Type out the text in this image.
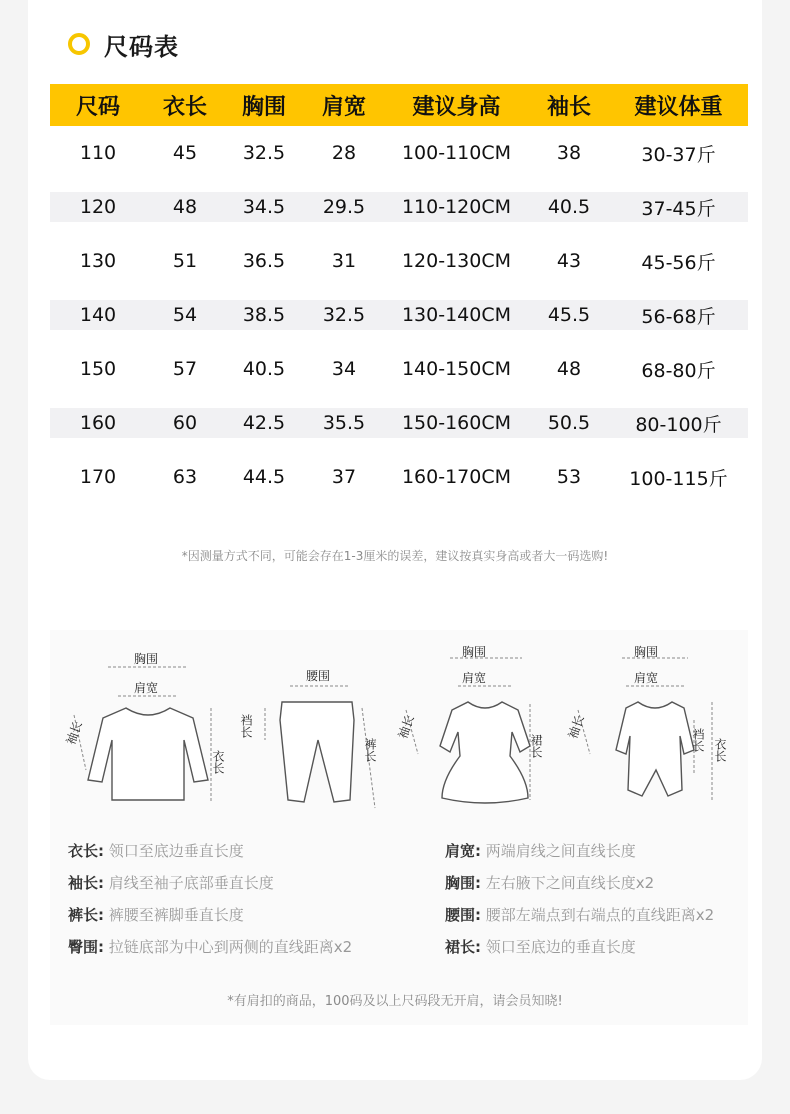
尺码表
尺码	衣长	胸围	肩宽	建议身高	袖长	建议体重
110	45	32.5	28	100-110CM	38	30-37斤
120	48	34.5	29.5	110-120CM	40.5	37-45斤
130	51	36.5	31	120-130CM	43	45-56斤
140	54	38.5	32.5	130-140CM	45.5	56-68斤
150	57	40.5	34	140-150CM	48	68-80斤
160	60	42.5	35.5	150-160CM	50.5	80-100斤
170	63	44.5	37	160-170CM	53	100-115斤
*因测量方式不同，可能会存在1-3厘米的误差，建议按真实身高或者大一码选购!
胸围
肩宽
袖长
衣长
腰围
裆长
裤长
胸围
肩宽
袖长
裙长
胸围
肩宽
袖长	裆长 衣长
衣长: 领口至底边垂直长度
袖长: 肩线至袖子底部垂直长度
裤长: 裤腰至裤脚垂直长度
臀围: 拉链底部为中心到两侧的直线距离x2
肩宽: 两端肩线之间直线长度
胸围: 左右腋下之间直线长度x2
腰围: 腰部左端点到右端点的直线距离x2
裙长: 领口至底边的垂直长度
*有肩扣的商品，100码及以上尺码段无开肩，请会员知晓!
